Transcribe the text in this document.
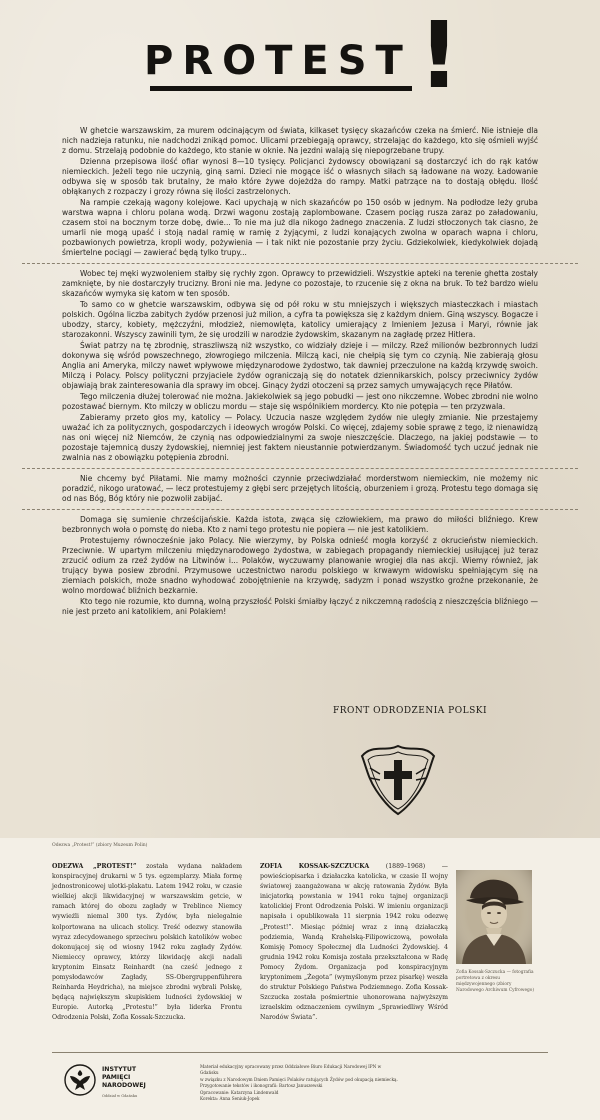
PROTEST !

W ghetcie warszawskim, za murem odcinającym od świata, kilkaset tysięcy skazańców czeka na śmierć. Nie istnieje dla nich nadzieja ratunku, nie nadchodzi znikąd pomoc. Ulicami przebiegają oprawcy, strzelając do każdego, kto się ośmieli wyjść z domu. Strzelają podobnie do każdego, kto stanie w oknie. Na jezdni walają się niepogrzebane trupy.

Dzienna przepisowa ilość ofiar wynosi 8—10 tysięcy. Policjanci żydowscy obowiązani są dostarczyć ich do rąk katów niemieckich. Jeżeli tego nie uczynią, giną sami. Dzieci nie mogące iść o własnych siłach są ładowane na wozy. Ładowanie odbywa się w sposób tak brutalny, że mało które żywe dojeżdża do rampy. Matki patrzące na to dostają obłędu. Ilość obłąkanych z rozpaczy i grozy równa się ilości zastrzelonych.

Na rampie czekają wagony kolejowe. Kaci upychają w nich skazańców po 150 osób w jednym. Na podłodze leży gruba warstwa wapna i chloru polana wodą. Drzwi wagonu zostają zaplombowane. Czasem pociąg rusza zaraz po załadowaniu, czasem stoi na bocznym torze dobę, dwie... To nie ma już dla nikogo żadnego znaczenia. Z ludzi stłoczonych tak ciasno, że umarli nie mogą upaść i stoją nadal ramię w ramię z żyjącymi, z ludzi konających zwolna w oparach wapna i chloru, pozbawionych powietrza, kropli wody, pożywienia — i tak nikt nie pozostanie przy życiu. Gdziekolwiek, kiedykolwiek dojadą śmiertelne pociągi — zawierać będą tylko trupy...

Wobec tej męki wyzwoleniem stałby się rychły zgon. Oprawcy to przewidzieli. Wszystkie apteki na terenie ghetta zostały zamknięte, by nie dostarczyły trucizny. Broni nie ma. Jedyne co pozostaje, to rzucenie się z okna na bruk. To też bardzo wielu skazańców wymyka się katom w ten sposób.

To samo co w ghetcie warszawskim, odbywa się od pół roku w stu mniejszych i większych miasteczkach i miastach polskich. Ogólna liczba zabitych żydów przenosi już milion, a cyfra ta powiększa się z każdym dniem. Giną wszyscy. Bogacze i ubodzy, starcy, kobiety, mężczyźni, młodzież, niemowlęta, katolicy umierający z Imieniem Jezusa i Maryi, równie jak starozakonni. Wszyscy zawinili tym, że się urodzili w narodzie żydowskim, skazanym na zagładę przez Hitlera.

Świat patrzy na tę zbrodnię, straszliwszą niż wszystko, co widziały dzieje i — milczy. Rzeź milionów bezbronnych ludzi dokonywa się wśród powszechnego, złowrogiego milczenia. Milczą kaci, nie chełpią się tym co czynią. Nie zabierają głosu Anglia ani Ameryka, milczy nawet wpływowe międzynarodowe żydostwo, tak dawniej przeczulone na każdą krzywdę swoich. Milczą i Polacy. Polscy polityczni przyjaciele żydów ograniczają się do notatek dziennikarskich, polscy przeciwnicy żydów objawiają brak zainteresowania dla sprawy im obcej. Ginący żydzi otoczeni są przez samych umywających ręce Piłatów.

Tego milczenia dłużej tolerować nie można. Jakiekolwiek są jego pobudki — jest ono nikczemne. Wobec zbrodni nie wolno pozostawać biernym. Kto milczy w obliczu mordu — staje się wspólnikiem mordercy. Kto nie potępia — ten przyzwala.

Zabieramy przeto głos my, katolicy — Polacy. Uczucia nasze względem żydów nie uległy zmianie. Nie przestajemy uważać ich za politycznych, gospodarczych i ideowych wrogów Polski. Co więcej, zdajemy sobie sprawę z tego, iż nienawidzą nas oni więcej niż Niemców, że czynią nas odpowiedzialnymi za swoje nieszczęście. Dlaczego, na jakiej podstawie — to pozostaje tajemnicą duszy żydowskiej, niemniej jest faktem nieustannie potwierdzanym. Świadomość tych uczuć jednak nie zwalnia nas z obowiązku potępienia zbrodni.

Nie chcemy być Piłatami. Nie mamy możności czynnie przeciwdziałać morderstwom niemieckim, nie możemy nic poradzić, nikogo uratować, — lecz protestujemy z głębi serc przejętych litością, oburzeniem i grozą. Protestu tego domaga się od nas Bóg, Bóg który nie pozwolił zabijać.

Domaga się sumienie chrześcijańskie. Każda istota, zwąca się człowiekiem, ma prawo do miłości bliźniego. Krew bezbronnych woła o pomstę do nieba. Kto z nami tego protestu nie popiera — nie jest katolikiem.

Protestujemy równocześnie jako Polacy. Nie wierzymy, by Polska odnieść mogła korzyść z okrucieństw niemieckich. Przeciwnie. W upartym milczeniu międzynarodowego żydostwa, w zabiegach propagandy niemieckiej usiłującej już teraz zrzucić odium za rzeź żydów na Litwinów i... Polaków, wyczuwamy planowanie wrogiej dla nas akcji. Wiemy również, jak trujący bywa posiew zbrodni. Przymusowe uczestnictwo narodu polskiego w krwawym widowisku spełniającym się na ziemiach polskich, może snadno wyhodować zobojętnienie na krzywdę, sadyzm i ponad wszystko groźne przekonanie, że wolno mordować bliźnich bezkarnie.

Kto tego nie rozumie, kto dumną, wolną przyszłość Polski śmiałby łączyć z nikczemną radością z nieszczęścia bliźniego — nie jest przeto ani katolikiem, ani Polakiem!

FRONT ODRODZENIA POLSKI
Odezwa „Protest!” (zbiory Muzeum Polin)
ODEZWA „PROTEST!” została wydana nakładem konspiracyjnej drukarni w 5 tys. egzemplarzy. Miała formę jednostronicowej ulotki-plakatu. Latem 1942 roku, w czasie wielkiej akcji likwidacyjnej w warszawskim getcie, w ramach której do obozu zagłady w Treblince Niemcy wywieźli niemal 300 tys. Żydów, była nielegalnie kolportowana na ulicach stolicy. Treść odezwy stanowiła wyraz zdecydowanego sprzeciwu polskich katolików wobec dokonującej się od wiosny 1942 roku zagłady Żydów. Niemieccy oprawcy, którzy likwidację akcji nadali kryptonim Einsatz Reinhardt (na cześć jednego z pomysłodawców Zagłady, SS-Obergruppenführera Reinharda Heydricha), na miejsce zbrodni wybrali Polskę, będącą największym skupiskiem ludności żydowskiej w Europie. Autorką „Protestu!” była liderka Frontu Odrodzenia Polski, Zofia Kossak-Szczucka.
ZOFIA KOSSAK-SZCZUCKA (1889–1968) — powieściopisarka i działaczka katolicka, w czasie II wojny światowej zaangażowana w akcję ratowania Żydów. Była inicjatorką powstania w 1941 roku tajnej organizacji katolickiej Front Odrodzenia Polski. W imieniu organizacji napisała i opublikowała 11 sierpnia 1942 roku odezwę „Protest!”. Miesiąc później wraz z inną działaczką podziemia, Wandą Krahelską-Filipowiczową, powołała Komisję Pomocy Społecznej dla Ludności Żydowskiej. 4 grudnia 1942 roku Komisja została przekształcona w Radę Pomocy Żydom. Organizacja pod konspiracyjnym kryptonimem „Żegota” (wymyślonym przez pisarkę) weszła do struktur Polskiego Państwa Podziemnego. Zofia Kossak-Szczucka została pośmiertnie uhonorowana najwyższym izraelskim odznaczeniem cywilnym „Sprawiedliwy Wśród Narodów Świata”.
Zofia Kossak-Szczucka — fotografia portretowa z okresu międzywojennego (zbiory Narodowego Archiwum Cyfrowego)
INSTYTUT
PAMIĘCI
NARODOWEJ
Oddział w Gdańsku
Materiał edukacyjny opracowany przez Oddziałowe Biuro Edukacji Narodowej IPN w Gdańsku
w związku z Narodowym Dniem Pamięci Polaków ratujących Żydów pod okupacją niemiecką.
Przygotowanie tekstów i ikonografii: Bartosz Januszewski
Opracowanie: Katarzyna Lindenwald
Korekta: Anna Seniuk-Jopek
